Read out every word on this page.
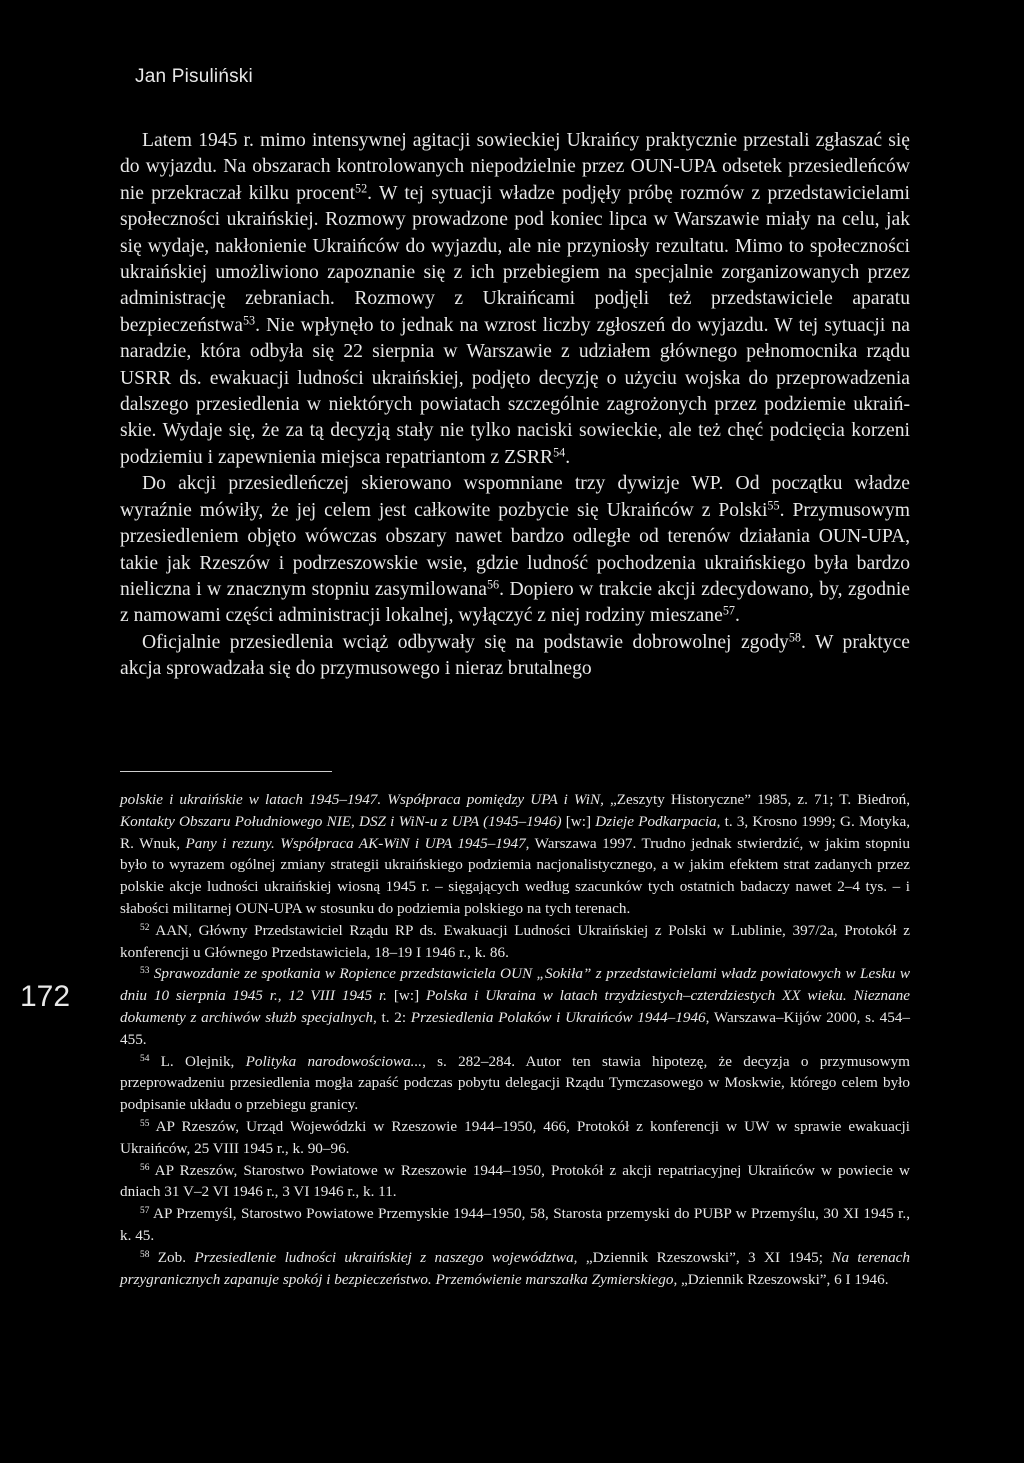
Jan Pisuliński

Latem 1945 r. mimo intensywnej agitacji sowieckiej Ukraińcy praktycznie przestali zgłaszać się do wyjazdu. Na obszarach kontrolowanych niepodzielnie przez OUN-UPA odsetek przesiedleńców nie przekraczał kilku procent$^{52}$. W tej sytuacji władze podjęły próbę rozmów z przedstawicielami społeczności ukraińskiej. Rozmowy prowadzone pod koniec lipca w Warszawie miały na celu, jak się wydaje, nakłonienie Ukraińców do wyjazdu, ale nie przyniosły rezultatu. Mimo to społeczności ukraińskiej umożliwiono zapoznanie się z ich przebiegiem na specjalnie zorganizowanych przez administrację zebraniach. Rozmowy z Ukraińcami podjęli też przedstawiciele aparatu bezpieczeństwa$^{53}$. Nie wpłynęło to jednak na wzrost liczby zgłoszeń do wyjazdu. W tej sytuacji na naradzie, która odbyła się 22 sierpnia w Warszawie z udziałem głównego pełnomocnika rządu USRR ds. ewakuacji ludności ukraińskiej, podjęto decyzję o użyciu wojska do przeprowadzenia dalszego przesiedlenia w niektórych powiatach szczególnie zagrożonych przez podziemie ukraińskie. Wydaje się, że za tą decyzją stały nie tylko naciski sowieckie, ale też chęć podcięcia korzeni podziemiu i zapewnienia miejsca repatriantom z ZSRR$^{54}$.

Do akcji przesiedleńczej skierowano wspomniane trzy dywizje WP. Od początku władze wyraźnie mówiły, że jej celem jest całkowite pozbycie się Ukraińców z Polski$^{55}$. Przymusowym przesiedleniem objęto wówczas obszary nawet bardzo odległe od terenów działania OUN-UPA, takie jak Rzeszów i podrzeszowskie wsie, gdzie ludność pochodzenia ukraińskiego była bardzo nieliczna i w znacznym stopniu zasymilowana$^{56}$. Dopiero w trakcie akcji zdecydowano, by, zgodnie z namowami części administracji lokalnej, wyłączyć z niej rodziny mieszane$^{57}$.

Oficjalnie przesiedlenia wciąż odbywały się na podstawie dobrowolnej zgody$^{58}$. W praktyce akcja sprowadzała się do przymusowego i nieraz brutalnego

polskie i ukraińskie w latach 1945–1947. Współpraca pomiędzy UPA i WiN, „Zeszyty Historyczne” 1985, z. 71; T. Biedroń, Kontakty Obszaru Południowego NIE, DSZ i WiN-u z UPA (1945–1946) [w:] Dzieje Podkarpacia, t. 3, Krosno 1999; G. Motyka, R. Wnuk, Pany i rezuny. Współpraca AK-WiN i UPA 1945–1947, Warszawa 1997. Trudno jednak stwierdzić, w jakim stopniu było to wyrazem ogólnej zmiany strategii ukraińskiego podziemia nacjonalistycznego, a w jakim efektem strat zadanych przez polskie akcje ludności ukraińskiej wiosną 1945 r. – sięgających według szacunków tych ostatnich badaczy nawet 2–4 tys. – i słabości militarnej OUN-UPA w stosunku do podziemia polskiego na tych terenach.

$^{52}$ AAN, Główny Przedstawiciel Rządu RP ds. Ewakuacji Ludności Ukraińskiej z Polski w Lublinie, 397/2a, Protokół z konferencji u Głównego Przedstawiciela, 18–19 I 1946 r., k. 86.

$^{53}$ Sprawozdanie ze spotkania w Ropience przedstawiciela OUN „Sokiła” z przedstawicielami władz powiatowych w Lesku w dniu 10 sierpnia 1945 r., 12 VIII 1945 r. [w:] Polska i Ukraina w latach trzydziestych–czterdziestych XX wieku. Nieznane dokumenty z archiwów służb specjalnych, t. 2: Przesiedlenia Polaków i Ukraińców 1944–1946, Warszawa–Kijów 2000, s. 454–455.

$^{54}$ L. Olejnik, Polityka narodowościowa..., s. 282–284. Autor ten stawia hipotezę, że decyzja o przymusowym przeprowadzeniu przesiedlenia mogła zapaść podczas pobytu delegacji Rządu Tymczasowego w Moskwie, którego celem było podpisanie układu o przebiegu granicy.

$^{55}$ AP Rzeszów, Urząd Wojewódzki w Rzeszowie 1944–1950, 466, Protokół z konferencji w UW w sprawie ewakuacji Ukraińców, 25 VIII 1945 r., k. 90–96.

$^{56}$ AP Rzeszów, Starostwo Powiatowe w Rzeszowie 1944–1950, Protokół z akcji repatriacyjnej Ukraińców w powiecie w dniach 31 V–2 VI 1946 r., 3 VI 1946 r., k. 11.

$^{57}$ AP Przemyśl, Starostwo Powiatowe Przemyskie 1944–1950, 58, Starosta przemyski do PUBP w Przemyślu, 30 XI 1945 r., k. 45.

$^{58}$ Zob. Przesiedlenie ludności ukraińskiej z naszego województwa, „Dziennik Rzeszowski”, 3 XI 1945; Na terenach przygranicznych zapanuje spokój i bezpieczeństwo. Przemówienie marszałka Zymierskiego, „Dziennik Rzeszowski”, 6 I 1946.

172
